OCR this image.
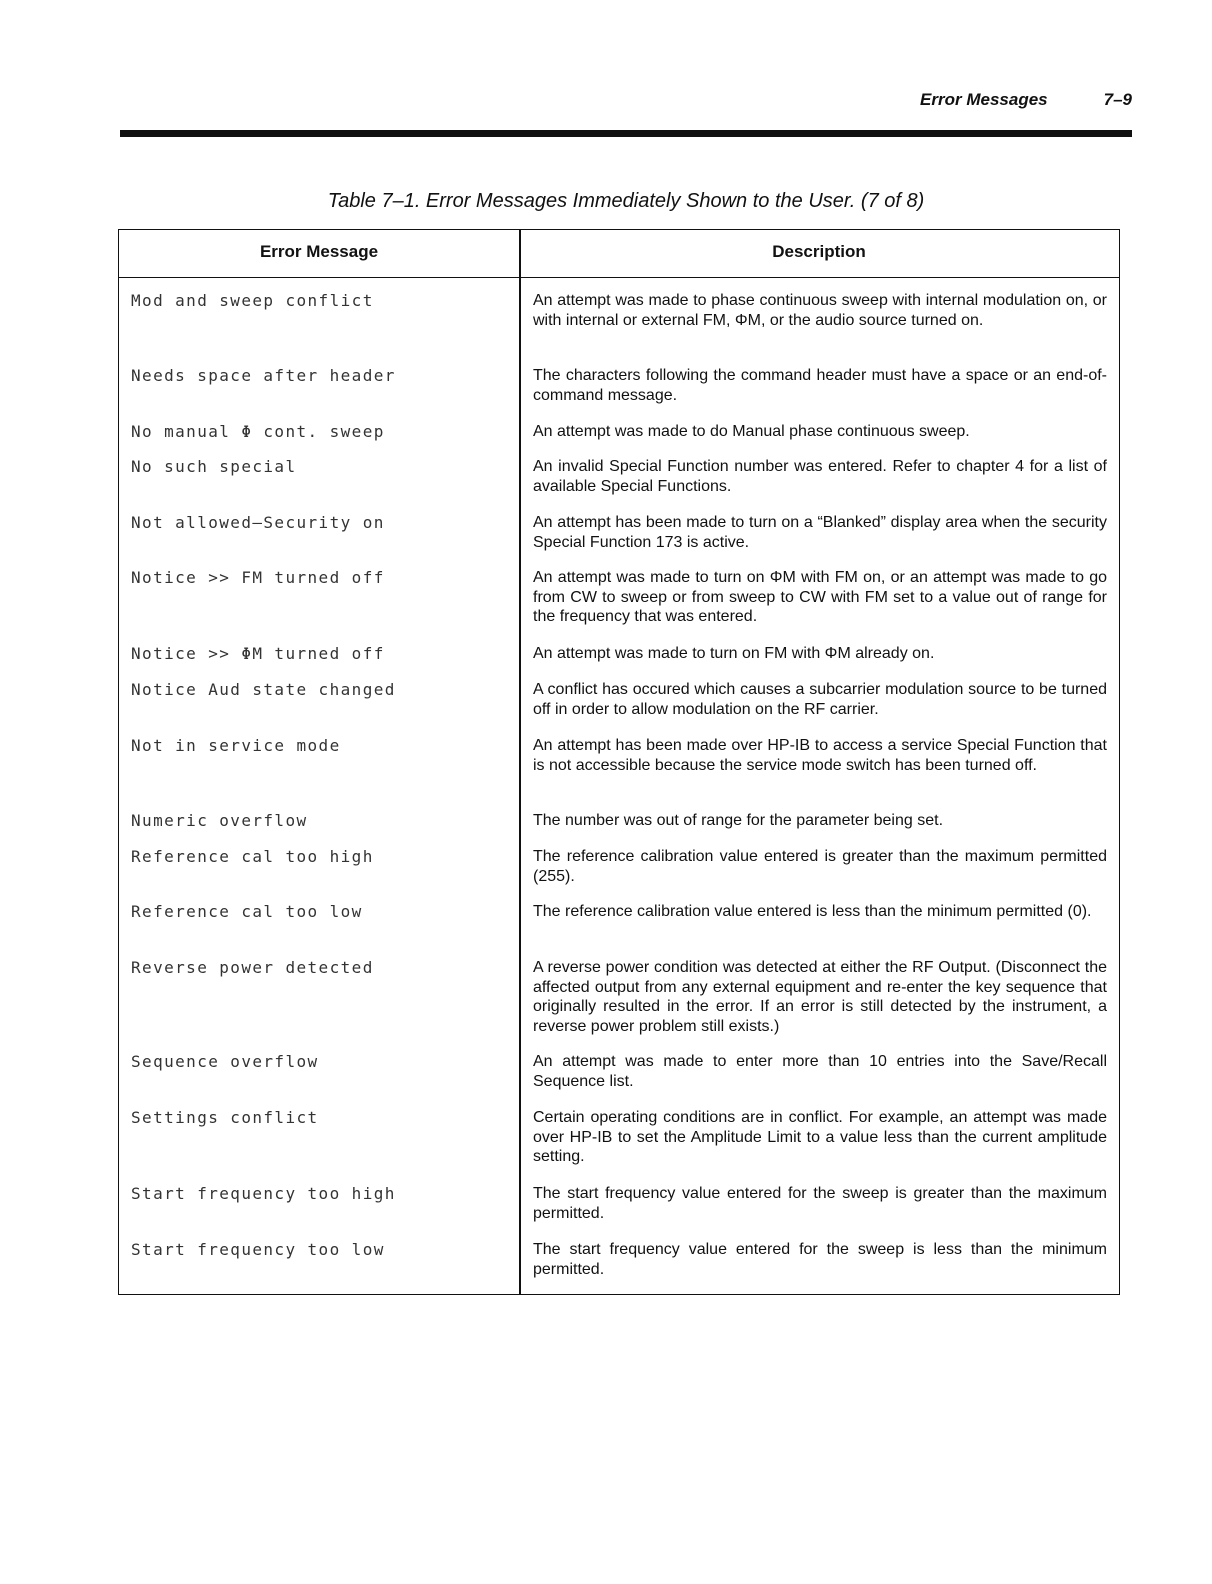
Error Messages	7–9
Table 7–1. Error Messages Immediately Shown to the User. (7 of 8)
Error Message	Description
Mod and sweep conflict	An attempt was made to phase continuous sweep with internal modulation on, or with internal or external FM, ΦM, or the audio source turned on.
Needs space after header	The characters following the command header must have a space or an end-of-command message.
No manual Φ cont. sweep	An attempt was made to do Manual phase continuous sweep.
No such special	An invalid Special Function number was entered. Refer to chapter 4 for a list of available Special Functions.
Not allowed–Security on	An attempt has been made to turn on a “Blanked” display area when the security Special Function 173 is active.
Notice >> FM turned off	An attempt was made to turn on ΦM with FM on, or an attempt was made to go from CW to sweep or from sweep to CW with FM set to a value out of range for the frequency that was entered.
Notice >> ΦM turned off	An attempt was made to turn on FM with ΦM already on.
Notice Aud state changed	A conflict has occured which causes a subcarrier modulation source to be turned off in order to allow modulation on the RF carrier.
Not in service mode	An attempt has been made over HP-IB to access a service Special Function that is not accessible because the service mode switch has been turned off.
Numeric overflow	The number was out of range for the parameter being set.
Reference cal too high	The reference calibration value entered is greater than the maximum permitted (255).
Reference cal too low	The reference calibration value entered is less than the minimum permitted (0).
Reverse power detected	A reverse power condition was detected at either the RF Output. (Disconnect the affected output from any external equipment and re-enter the key sequence that originally resulted in the error. If an error is still detected by the instrument, a reverse power problem still exists.)
Sequence overflow	An attempt was made to enter more than 10 entries into the Save/Recall Sequence list.
Settings conflict	Certain operating conditions are in conflict. For example, an attempt was made over HP-IB to set the Amplitude Limit to a value less than the current amplitude setting.
Start frequency too high	The start frequency value entered for the sweep is greater than the maximum permitted.
Start frequency too low	The start frequency value entered for the sweep is less than the minimum permitted.
